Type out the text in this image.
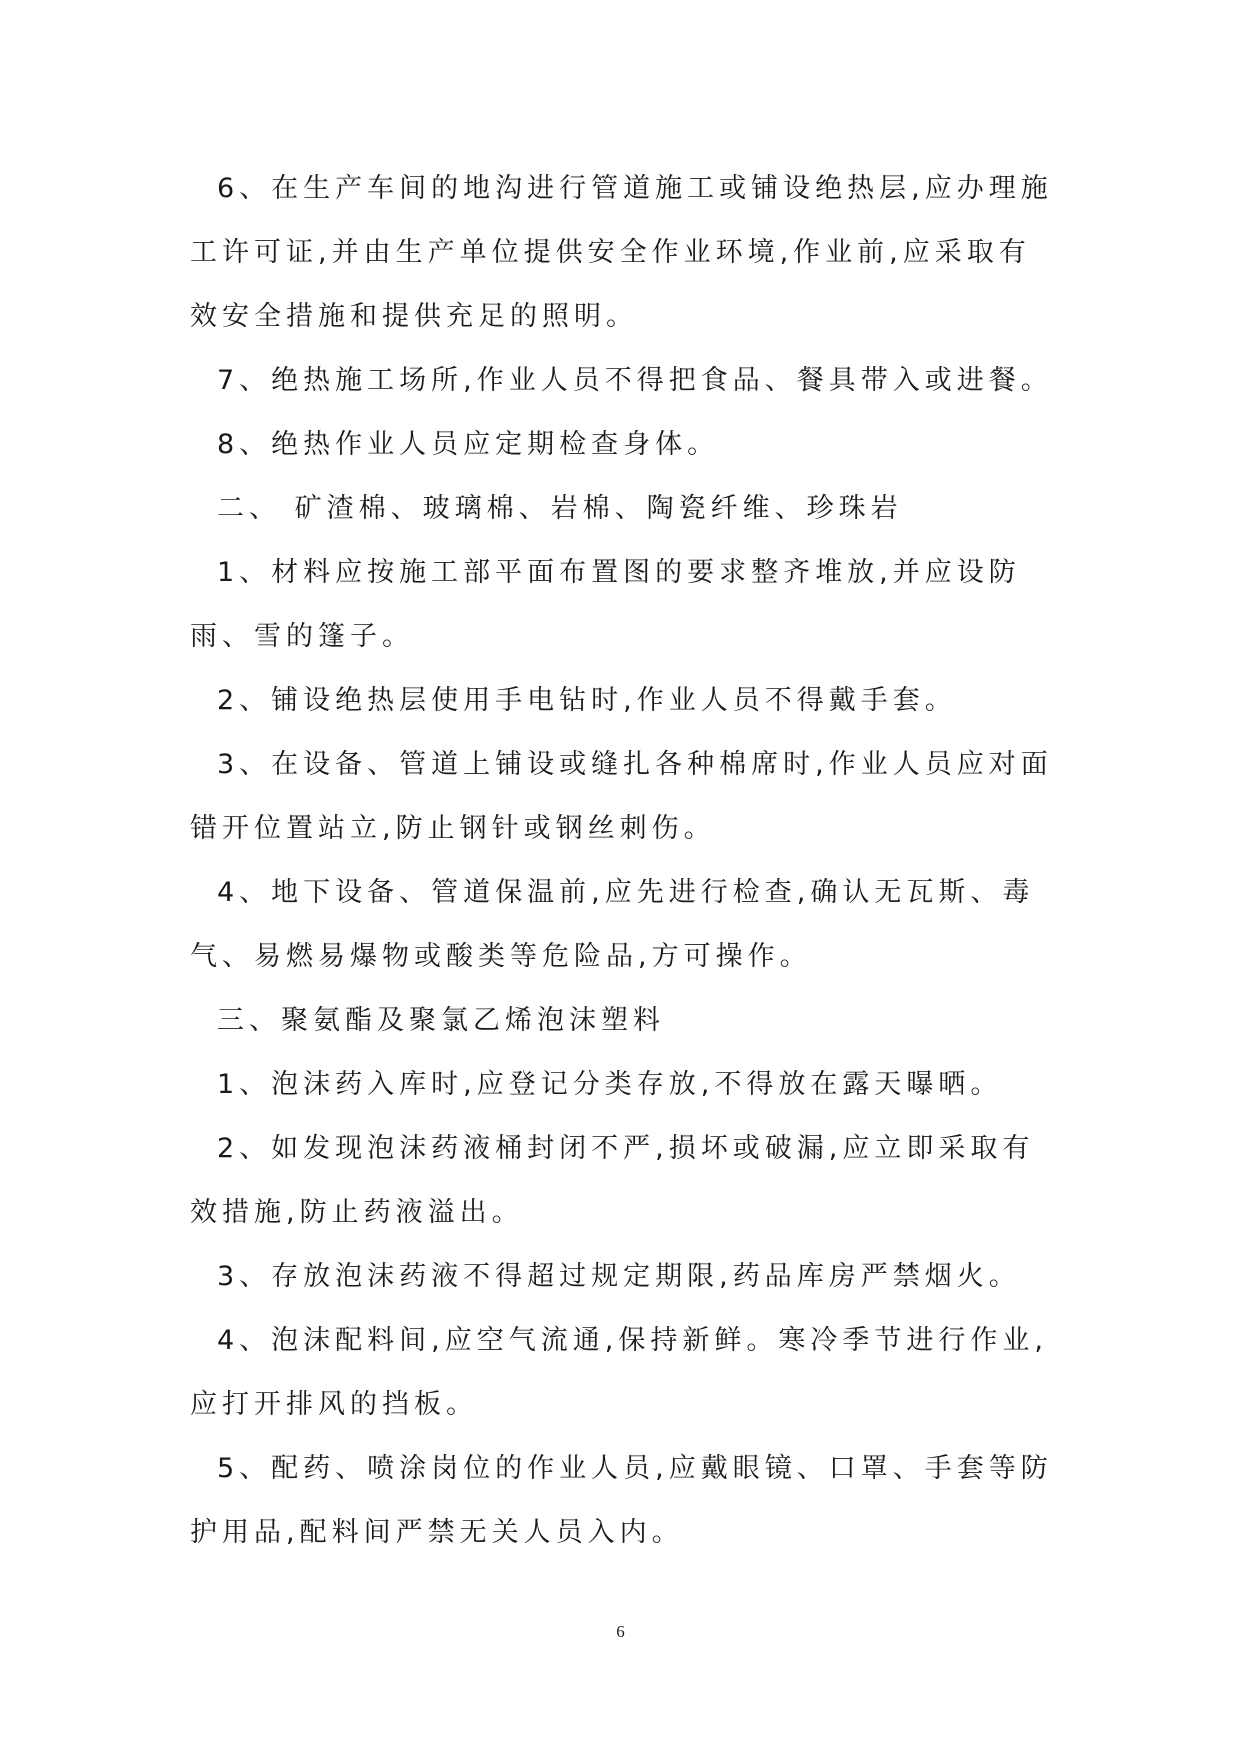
6、在生产车间的地沟进行管道施工或铺设绝热层,应办理施工许可证,并由生产单位提供安全作业环境,作业前,应采取有效安全措施和提供充足的照明。

7、绝热施工场所,作业人员不得把食品、餐具带入或进餐。

8、绝热作业人员应定期检查身体。

二、 矿渣棉、玻璃棉、岩棉、陶瓷纤维、珍珠岩

1、材料应按施工部平面布置图的要求整齐堆放,并应设防雨、雪的篷子。

2、铺设绝热层使用手电钻时,作业人员不得戴手套。

3、在设备、管道上铺设或缝扎各种棉席时,作业人员应对面错开位置站立,防止钢针或钢丝刺伤。

4、地下设备、管道保温前,应先进行检查,确认无瓦斯、毒气、易燃易爆物或酸类等危险品,方可操作。

三、聚氨酯及聚氯乙烯泡沫塑料

1、泡沫药入库时,应登记分类存放,不得放在露天曝晒。

2、如发现泡沫药液桶封闭不严,损坏或破漏,应立即采取有效措施,防止药液溢出。

3、存放泡沫药液不得超过规定期限,药品库房严禁烟火。

4、泡沫配料间,应空气流通,保持新鲜。寒冷季节进行作业,应打开排风的挡板。

5、配药、喷涂岗位的作业人员,应戴眼镜、口罩、手套等防护用品,配料间严禁无关人员入内。

6
